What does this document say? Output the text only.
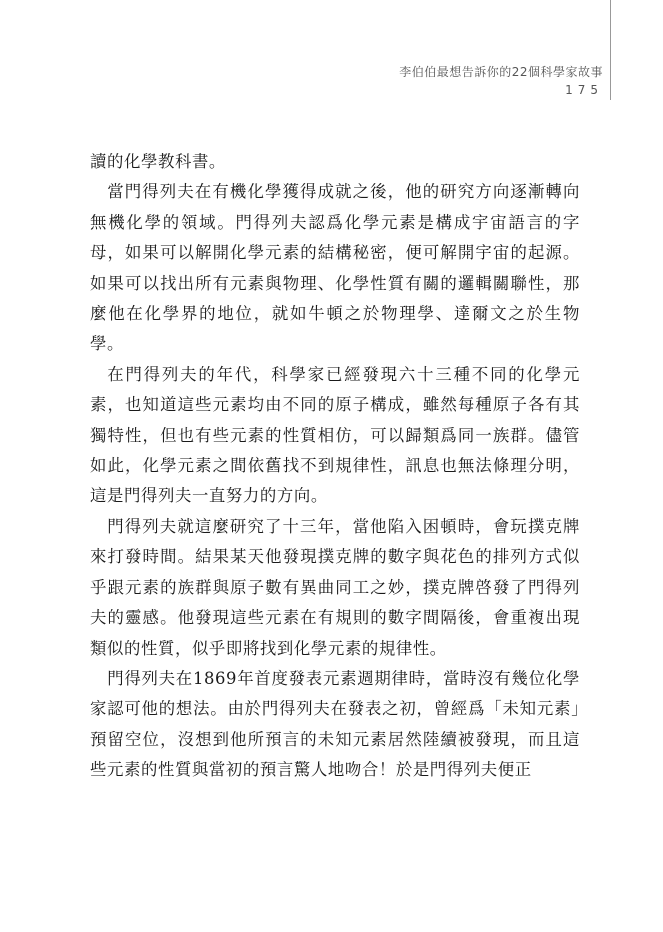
李伯伯最想告訴你的22個科學家故事
175

讀的化學教科書。

當門得列夫在有機化學獲得成就之後，他的研究方向逐漸轉向無機化學的領域。門得列夫認爲化學元素是構成宇宙語言的字母，如果可以解開化學元素的結構秘密，便可解開宇宙的起源。如果可以找出所有元素與物理、化學性質有關的邏輯關聯性，那麼他在化學界的地位，就如牛頓之於物理學、達爾文之於生物學。

在門得列夫的年代，科學家已經發現六十三種不同的化學元素，也知道這些元素均由不同的原子構成，雖然每種原子各有其獨特性，但也有些元素的性質相仿，可以歸類爲同一族群。儘管如此，化學元素之間依舊找不到規律性，訊息也無法條理分明，這是門得列夫一直努力的方向。

門得列夫就這麼研究了十三年，當他陷入困頓時，會玩撲克牌來打發時間。結果某天他發現撲克牌的數字與花色的排列方式似乎跟元素的族群與原子數有異曲同工之妙，撲克牌啓發了門得列夫的靈感。他發現這些元素在有規則的數字間隔後，會重複出現類似的性質，似乎即將找到化學元素的規律性。

門得列夫在1869年首度發表元素週期律時，當時沒有幾位化學家認可他的想法。由於門得列夫在發表之初，曾經爲「未知元素」預留空位，沒想到他所預言的未知元素居然陸續被發現，而且這些元素的性質與當初的預言驚人地吻合！於是門得列夫便正
